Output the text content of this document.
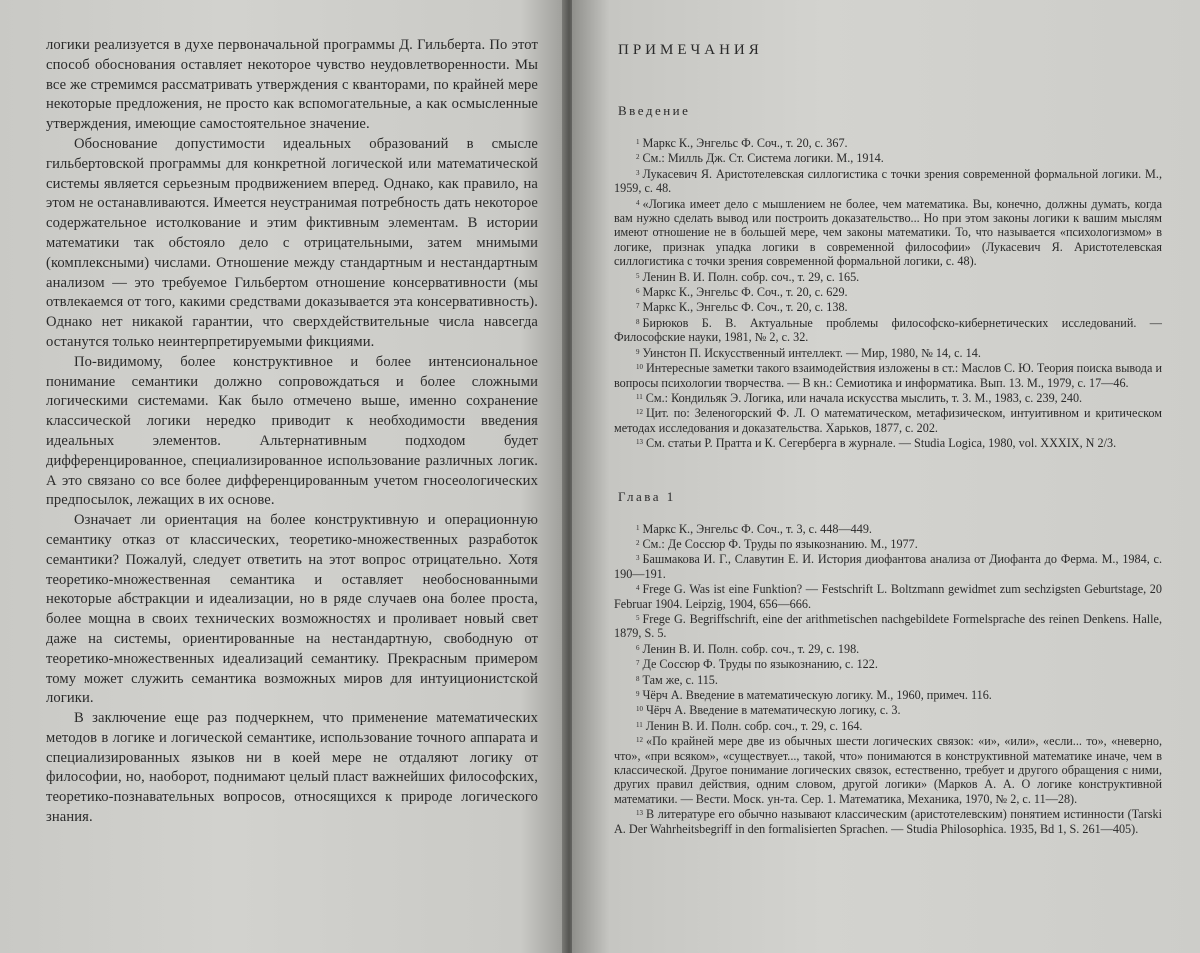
логики реализуется в духе первоначальной программы Д. Гильберта. По этот способ обоснования оставляет некоторое чувство неудовлетворенности. Мы все же стремимся рассматривать утверждения с кванторами, по крайней мере некоторые предложения, не просто как вспомогательные, а как осмысленные утверждения, имеющие самостоятельное значение.

Обоснование допустимости идеальных образований в смысле гильбертовской программы для конкретной логической или математической системы является серьезным продвижением вперед. Однако, как правило, на этом не останавливаются. Имеется неустранимая потребность дать некоторое содержательное истолкование и этим фиктивным элементам. В истории математики так обстояло дело с отрицательными, затем мнимыми (комплексными) числами. Отношение между стандартным и нестандартным анализом — это требуемое Гильбертом отношение консервативности (мы отвлекаемся от того, какими средствами доказывается эта консервативность). Однако нет никакой гарантии, что сверхдействительные числа навсегда останутся только неинтерпретируемыми фикциями.

По-видимому, более конструктивное и более интенсиональное понимание семантики должно сопровождаться и более сложными логическими системами. Как было отмечено выше, именно сохранение классической логики нередко приводит к необходимости введения идеальных элементов. Альтернативным подходом будет дифференцированное, специализированное использование различных логик. А это связано со все более дифференцированным учетом гносеологических предпосылок, лежащих в их основе.

Означает ли ориентация на более конструктивную и операционную семантику отказ от классических, теоретико-множественных разработок семантики? Пожалуй, следует ответить на этот вопрос отрицательно. Хотя теоретико-множественная семантика и оставляет необоснованными некоторые абстракции и идеализации, но в ряде случаев она более проста, более мощна в своих технических возможностях и проливает новый свет даже на системы, ориентированные на нестандартную, свободную от теоретико-множественных идеализаций семантику. Прекрасным примером тому может служить семантика возможных миров для интуиционистской логики.

В заключение еще раз подчеркнем, что применение математических методов в логике и логической семантике, использование точного аппарата и специализированных языков ни в коей мере не отдаляют логику от философии, но, наоборот, поднимают целый пласт важнейших философских, теоретико-познавательных вопросов, относящихся к природе логического знания.

ПРИМЕЧАНИЯ
Введение

$^1$ Маркс К., Энгельс Ф. Соч., т. 20, с. 367.

$^2$ См.: Милль Дж. Ст. Система логики. М., 1914.

$^3$ Лукасевич Я. Аристотелевская силлогистика с точки зрения современной формальной логики. М., 1959, с. 48.

$^4$ «Логика имеет дело с мышлением не более, чем математика. Вы, конечно, должны думать, когда вам нужно сделать вывод или построить доказательство... Но при этом законы логики к вашим мыслям имеют отношение не в большей мере, чем законы математики. То, что называется «психологизмом» в логике, признак упадка логики в современной философии» (Лукасевич Я. Аристотелевская силлогистика с точки зрения современной формальной логики, с. 48).

$^5$ Ленин В. И. Полн. собр. соч., т. 29, с. 165.

$^6$ Маркс К., Энгельс Ф. Соч., т. 20, с. 629.

$^7$ Маркс К., Энгельс Ф. Соч., т. 20, с. 138.

$^8$ Бирюков Б. В. Актуальные проблемы философско-кибернетических исследований. — Философские науки, 1981, № 2, с. 32.

$^9$ Уинстон П. Искусственный интеллект. — Мир, 1980, № 14, с. 14.

$^{10}$ Интересные заметки такого взаимодействия изложены в ст.: Маслов С. Ю. Теория поиска вывода и вопросы психологии творчества. — В кн.: Семиотика и информатика. Вып. 13. М., 1979, с. 17—46.

$^{11}$ См.: Кондильяк Э. Логика, или начала искусства мыслить, т. 3. М., 1983, с. 239, 240.

$^{12}$ Цит. по: Зеленогорский Ф. Л. О математическом, метафизическом, интуитивном и критическом методах исследования и доказательства. Харьков, 1877, с. 202.

$^{13}$ См. статьи Р. Пратта и К. Сегерберга в журнале. — Studia Logica, 1980, vol. XXXIX, N 2/3.

Глава 1

$^1$ Маркс К., Энгельс Ф. Соч., т. 3, с. 448—449.

$^2$ См.: Де Соссюр Ф. Труды по языкознанию. М., 1977.

$^3$ Башмакова И. Г., Славутин Е. И. История диофантова анализа от Диофанта до Ферма. М., 1984, с. 190—191.

$^4$ Frege G. Was ist eine Funktion? — Festschrift L. Boltzmann gewidmet zum sechzigsten Geburtstage, 20 Februar 1904. Leipzig, 1904, 656—666.

$^5$ Frege G. Begriffschrift, eine der arithmetischen nachgebildete Formelsprache des reinen Denkens. Halle, 1879, S. 5.

$^6$ Ленин В. И. Полн. собр. соч., т. 29, с. 198.

$^7$ Де Соссюр Ф. Труды по языкознанию, с. 122.

$^8$ Там же, с. 115.

$^9$ Чёрч А. Введение в математическую логику. М., 1960, примеч. 116.

$^{10}$ Чёрч А. Введение в математическую логику, с. 3.

$^{11}$ Ленин В. И. Полн. собр. соч., т. 29, с. 164.

$^{12}$ «По крайней мере две из обычных шести логических связок: «и», «или», «если... то», «неверно, что», «при всяком», «существует..., такой, что» понимаются в конструктивной математике иначе, чем в классической. Другое понимание логических связок, естественно, требует и другого обращения с ними, других правил действия, одним словом, другой логики» (Марков А. А. О логике конструктивной математики. — Вести. Моск. ун-та. Сер. 1. Математика, Механика, 1970, № 2, с. 11—28).

$^{13}$ В литературе его обычно называют классическим (аристотелевским) понятием истинности (Tarski A. Der Wahrheitsbegriff in den formalisierten Sprachen. — Studia Philosophica. 1935, Bd 1, S. 261—405).
